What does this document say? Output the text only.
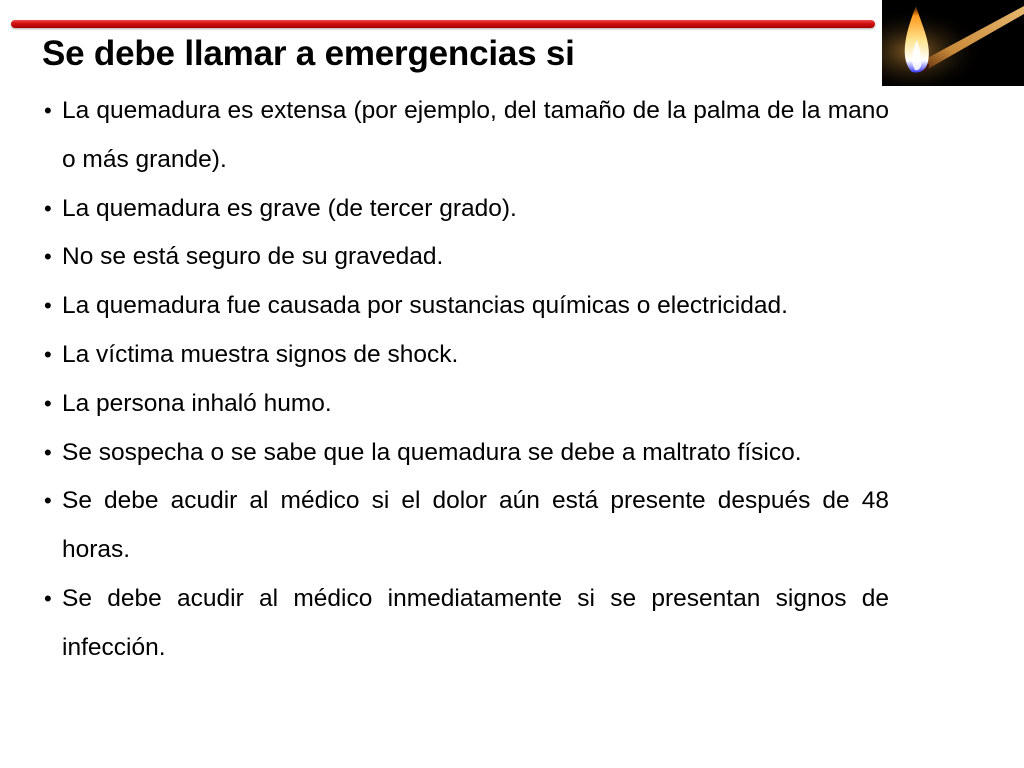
Se debe llamar a emergencias si
• La quemadura es extensa (por ejemplo, del tamaño de la palma de la mano o más grande).
• La quemadura es grave (de tercer grado).
• No se está seguro de su gravedad.
• La quemadura fue causada por sustancias químicas o electricidad.
• La víctima muestra signos de shock.
• La persona inhaló humo.
• Se sospecha o se sabe que la quemadura se debe a maltrato físico.
• Se debe acudir al médico si el dolor aún está presente después de 48 horas.
• Se debe acudir al médico inmediatamente si se presentan signos de infección.
